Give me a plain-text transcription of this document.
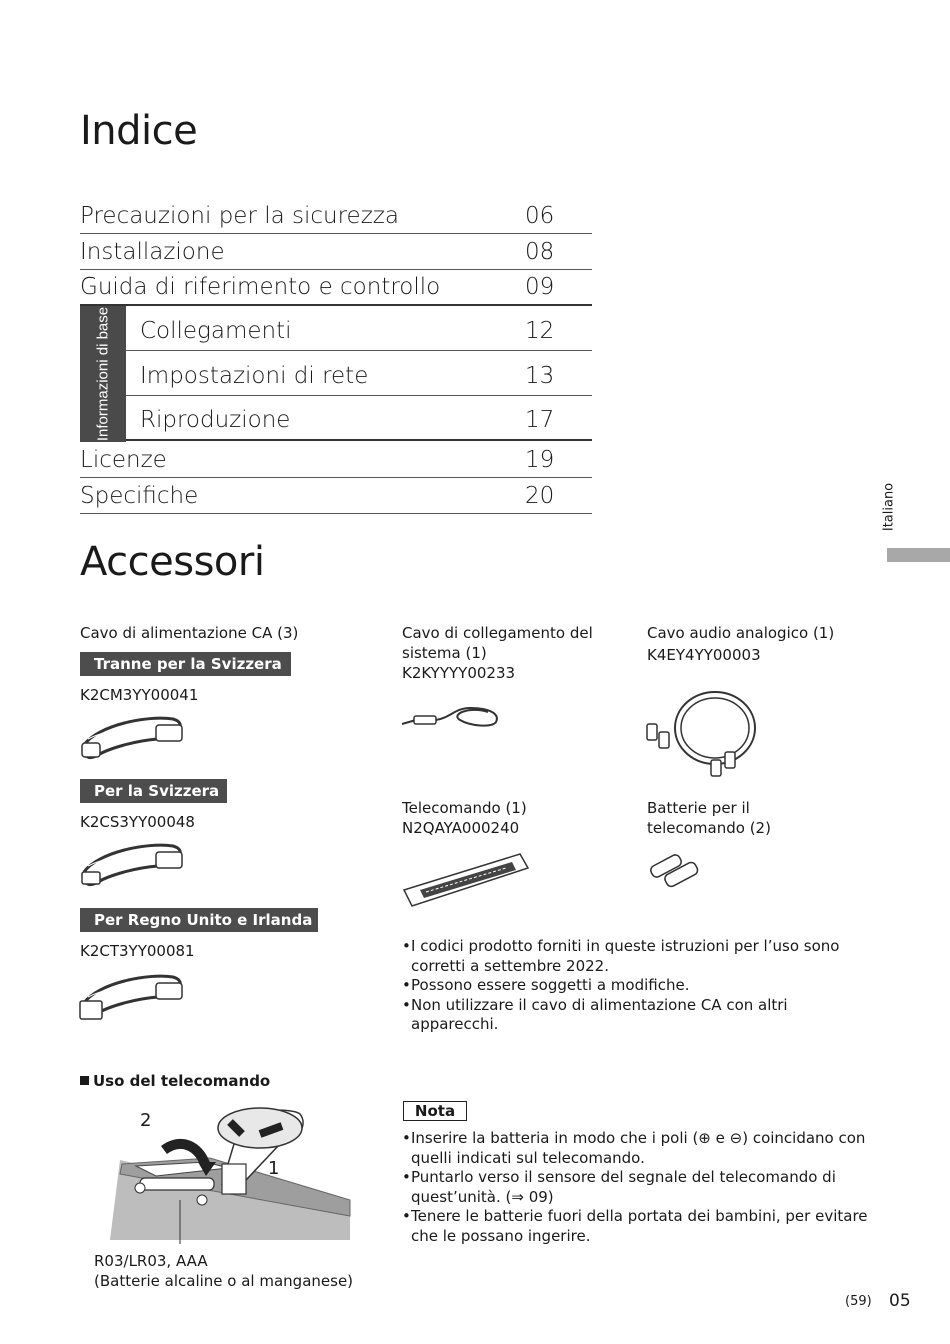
Indice
Precauzioni per la sicurezza	06
Installazione	08
Guida di riferimento e controllo	09
Informazioni di base Collegamenti	12
Impostazioni di rete	13
Riproduzione	17
Licenze	19
Specifiche	20	Italiano
Accessori
Cavo di alimentazione CA (3)
Tranne per la Svizzera
K2CM3YY00041
Per la Svizzera
K2CS3YY00048
Per Regno Unito e Irlanda
K2CT3YY00081
Cavo di collegamento del sistema (1)
K2KYYYY00233
Telecomando (1)
N2QAYA000240
Cavo audio analogico (1)
K4EY4YY00003
Batterie per il telecomando (2)
• I codici prodotto forniti in queste istruzioni per l’uso sono corretti a settembre 2022.
• Possono essere soggetti a modifiche.
• Non utilizzare il cavo di alimentazione CA con altri apparecchi.
Uso del telecomando
2
1
R03/LR03, AAA
(Batterie alcaline o al manganese)
Nota
• Inserire la batteria in modo che i poli (⊕ e ⊖) coincidano con quelli indicati sul telecomando.
• Puntarlo verso il sensore del segnale del telecomando di quest’unità. (⇒ 09)
• Tenere le batterie fuori della portata dei bambini, per evitare che le possano ingerire.
(59) 05
